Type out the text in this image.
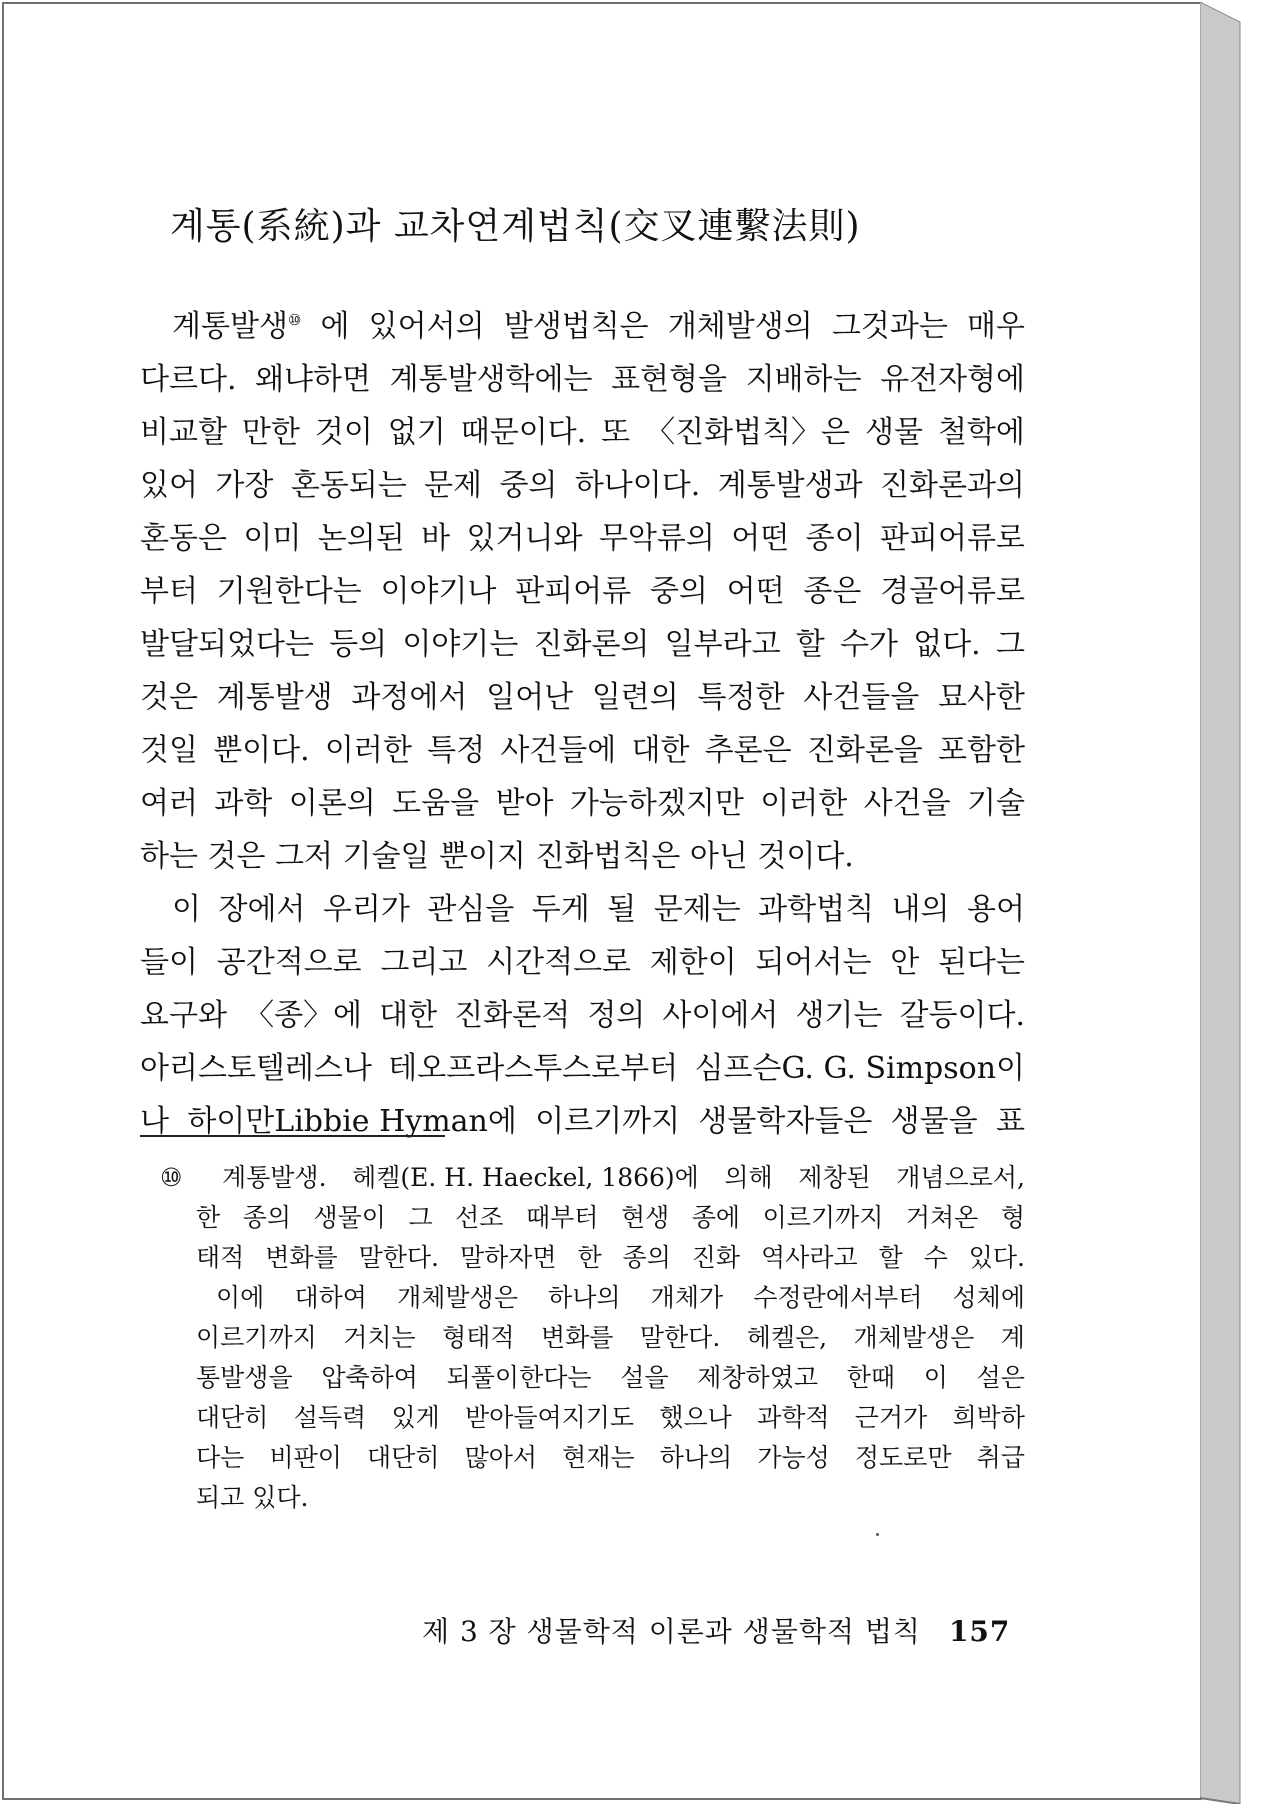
계통(系統)과 교차연계법칙(交叉連繫法則)
계통발생⑩ 에 있어서의 발생법칙은 개체발생의 그것과는 매우
다르다. 왜냐하면 계통발생학에는 표현형을 지배하는 유전자형에
비교할 만한 것이 없기 때문이다. 또 〈진화법칙〉은 생물 철학에
있어 가장 혼동되는 문제 중의 하나이다. 계통발생과 진화론과의
혼동은 이미 논의된 바 있거니와 무악류의 어떤 종이 판피어류로
부터 기원한다는 이야기나 판피어류 중의 어떤 종은 경골어류로
발달되었다는 등의 이야기는 진화론의 일부라고 할 수가 없다. 그
것은 계통발생 과정에서 일어난 일련의 특정한 사건들을 묘사한
것일 뿐이다. 이러한 특정 사건들에 대한 추론은 진화론을 포함한
여러 과학 이론의 도움을 받아 가능하겠지만 이러한 사건을 기술
하는 것은 그저 기술일 뿐이지 진화법칙은 아닌 것이다.
이 장에서 우리가 관심을 두게 될 문제는 과학법칙 내의 용어
들이 공간적으로 그리고 시간적으로 제한이 되어서는 안 된다는
요구와 〈종〉에 대한 진화론적 정의 사이에서 생기는 갈등이다.
아리스토텔레스나 테오프라스투스로부터 심프슨G. G. Simpson이
나 하이만Libbie Hyman에 이르기까지 생물학자들은 생물을 표
⑩ 계통발생. 헤켈(E. H. Haeckel, 1866)에 의해 제창된 개념으로서,
한 종의 생물이 그 선조 때부터 현생 종에 이르기까지 거쳐온 형
태적 변화를 말한다. 말하자면 한 종의 진화 역사라고 할 수 있다.
이에 대하여 개체발생은 하나의 개체가 수정란에서부터 성체에
이르기까지 거치는 형태적 변화를 말한다. 헤켈은, 개체발생은 계
통발생을 압축하여 되풀이한다는 설을 제창하였고 한때 이 설은
대단히 설득력 있게 받아들여지기도 했으나 과학적 근거가 희박하
다는 비판이 대단히 많아서 현재는 하나의 가능성 정도로만 취급
되고 있다.
제 3 장 생물학적 이론과 생물학적 법칙 157
